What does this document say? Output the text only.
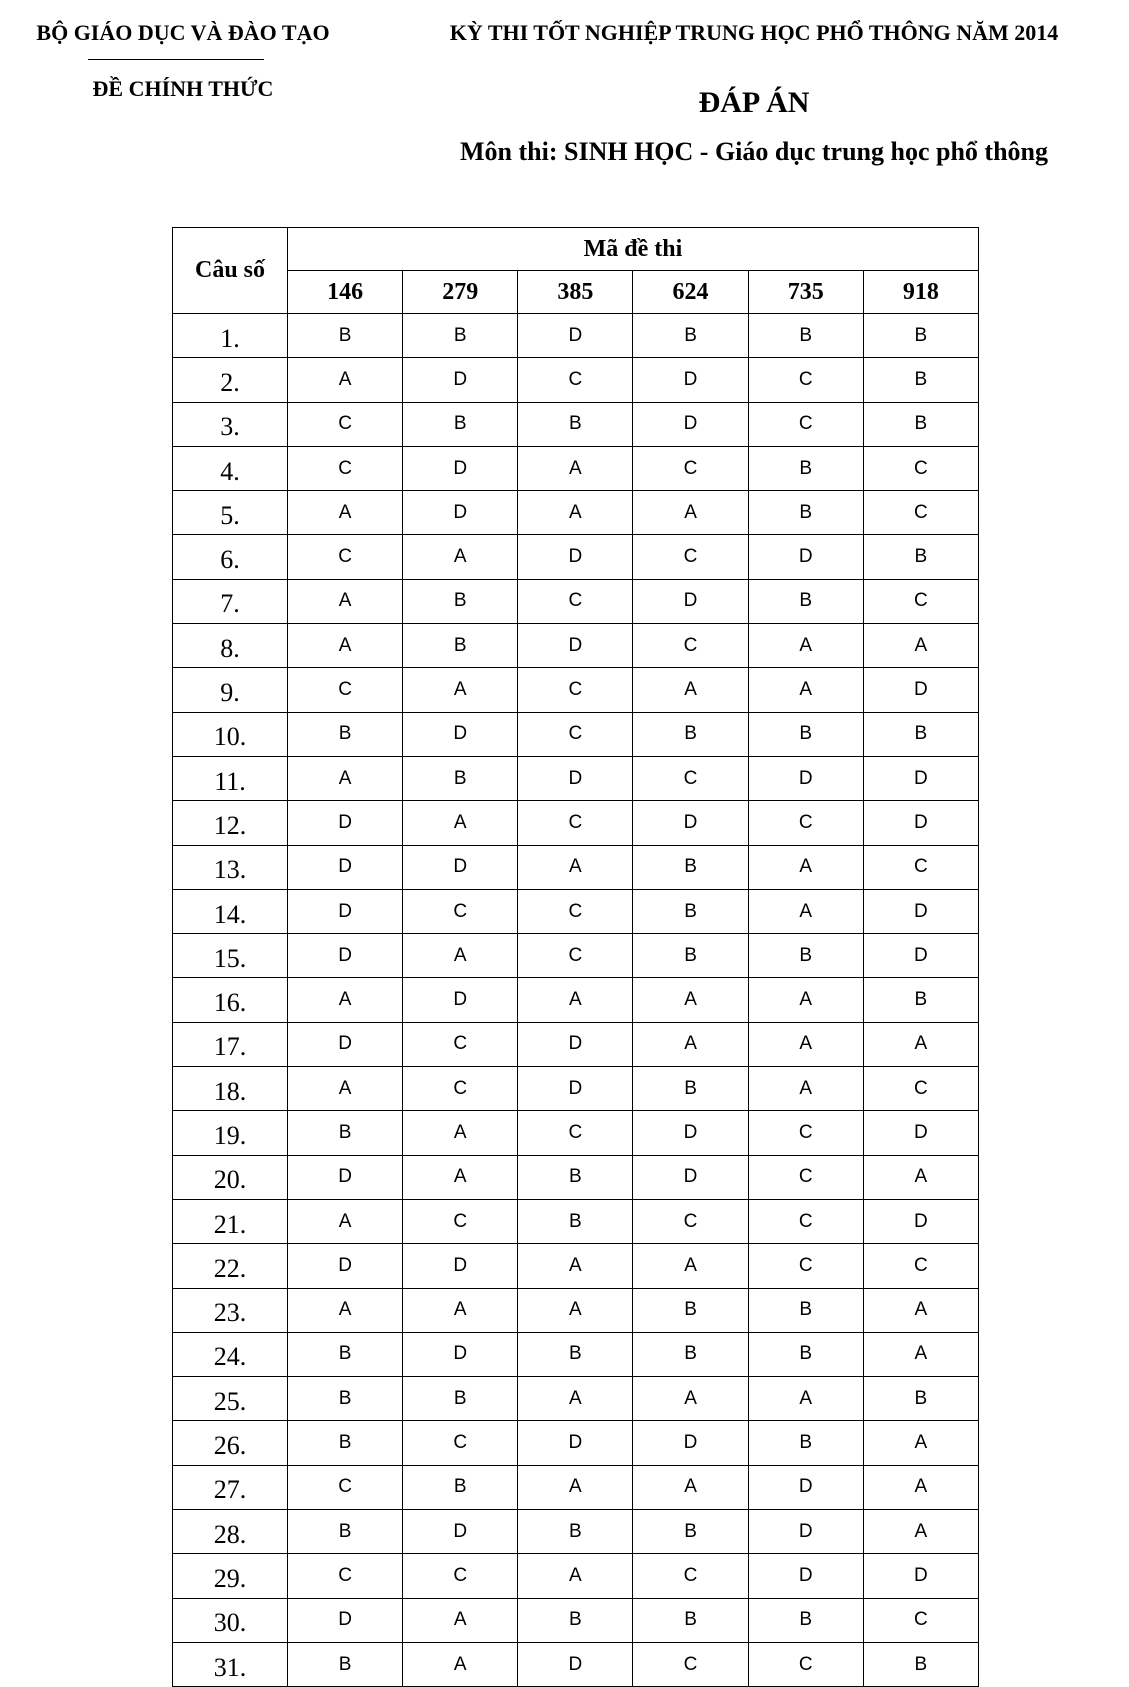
BỘ GIÁO DỤC VÀ ĐÀO TẠO
ĐỀ CHÍNH THỨC
KỲ THI TỐT NGHIỆP TRUNG HỌC PHỔ THÔNG NĂM 2014
ĐÁP ÁN
Môn thi: SINH HỌC - Giáo dục trung học phổ thông
Câu số	Mã đề thi					
	146	279	385	624	735	918
1.	B	B	D	B	B	B
2.	A	D	C	D	C	B
3.	C	B	B	D	C	B
4.	C	D	A	C	B	C
5.	A	D	A	A	B	C
6.	C	A	D	C	D	B
7.	A	B	C	D	B	C
8.	A	B	D	C	A	A
9.	C	A	C	A	A	D
10.	B	D	C	B	B	B
11.	A	B	D	C	D	D
12.	D	A	C	D	C	D
13.	D	D	A	B	A	C
14.	D	C	C	B	A	D
15.	D	A	C	B	B	D
16.	A	D	A	A	A	B
17.	D	C	D	A	A	A
18.	A	C	D	B	A	C
19.	B	A	C	D	C	D
20.	D	A	B	D	C	A
21.	A	C	B	C	C	D
22.	D	D	A	A	C	C
23.	A	A	A	B	B	A
24.	B	D	B	B	B	A
25.	B	B	A	A	A	B
26.	B	C	D	D	B	A
27.	C	B	A	A	D	A
28.	B	D	B	B	D	A
29.	C	C	A	C	D	D
30.	D	A	B	B	B	C
31.	B	A	D	C	C	B
